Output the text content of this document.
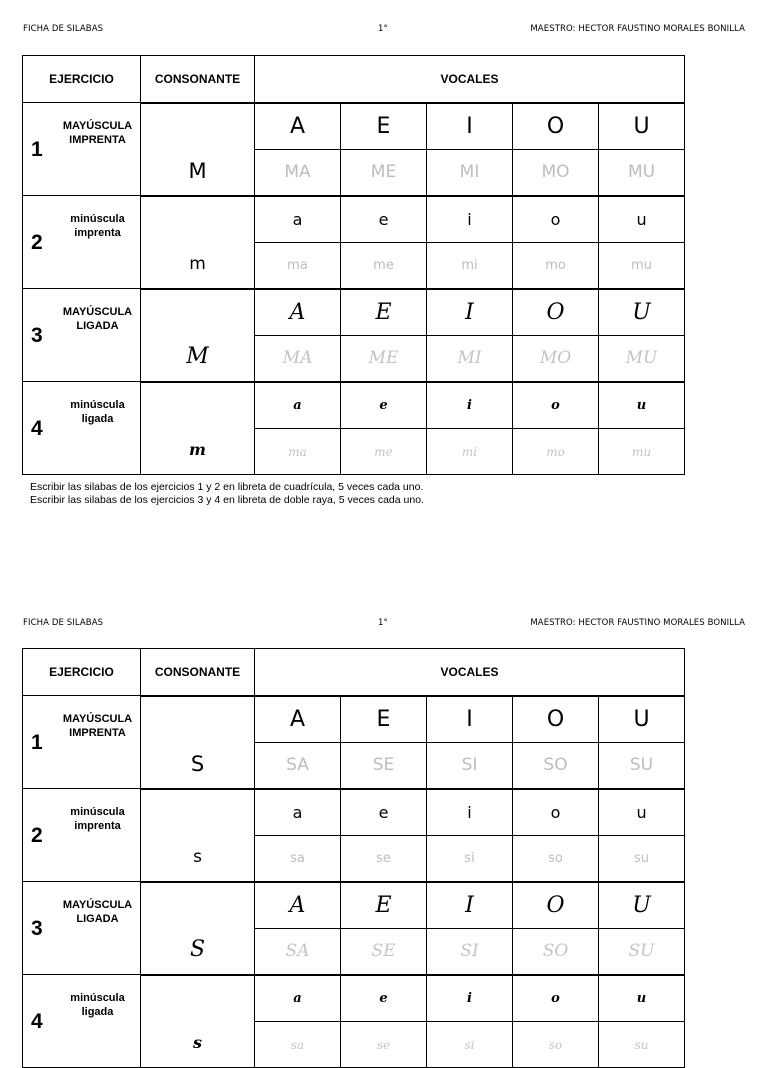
FICHA DE SILABAS	1°	MAESTRO: HECTOR FAUSTINO MORALES BONILLA
EJERCICIO	CONSONANTE	VOCALES				

1
MAYÚSCULA
IMPRENTA	M	A	E	I	O	U
		MA	ME	MI	MO	MU

2
minúscula
imprenta	m	a	e	i	o	u
		ma	me	mi	mo	mu

3
MAYÚSCULA
LIGADA	M	A	E	I	O	U
		MA	ME	MI	MO	MU

4
minúscula
ligada	m	a	e	i	o	u
		ma	me	mi	mo	mu
Escribir las silabas de los ejercicios 1 y 2 en libreta de cuadrícula, 5 veces cada uno.
Escribir las silabas de los ejercicios 3 y 4 en libreta de doble raya, 5 veces cada uno.
FICHA DE SILABAS	1°	MAESTRO: HECTOR FAUSTINO MORALES BONILLA
EJERCICIO	CONSONANTE	VOCALES				

1
MAYÚSCULA
IMPRENTA	S	A	E	I	O	U
		SA	SE	SI	SO	SU

2
minúscula
imprenta	s	a	e	i	o	u
		sa	se	si	so	su

3
MAYÚSCULA
LIGADA	S	A	E	I	O	U
		SA	SE	SI	SO	SU

4
minúscula
ligada	s	a	e	i	o	u
		sa	se	si	so	su
